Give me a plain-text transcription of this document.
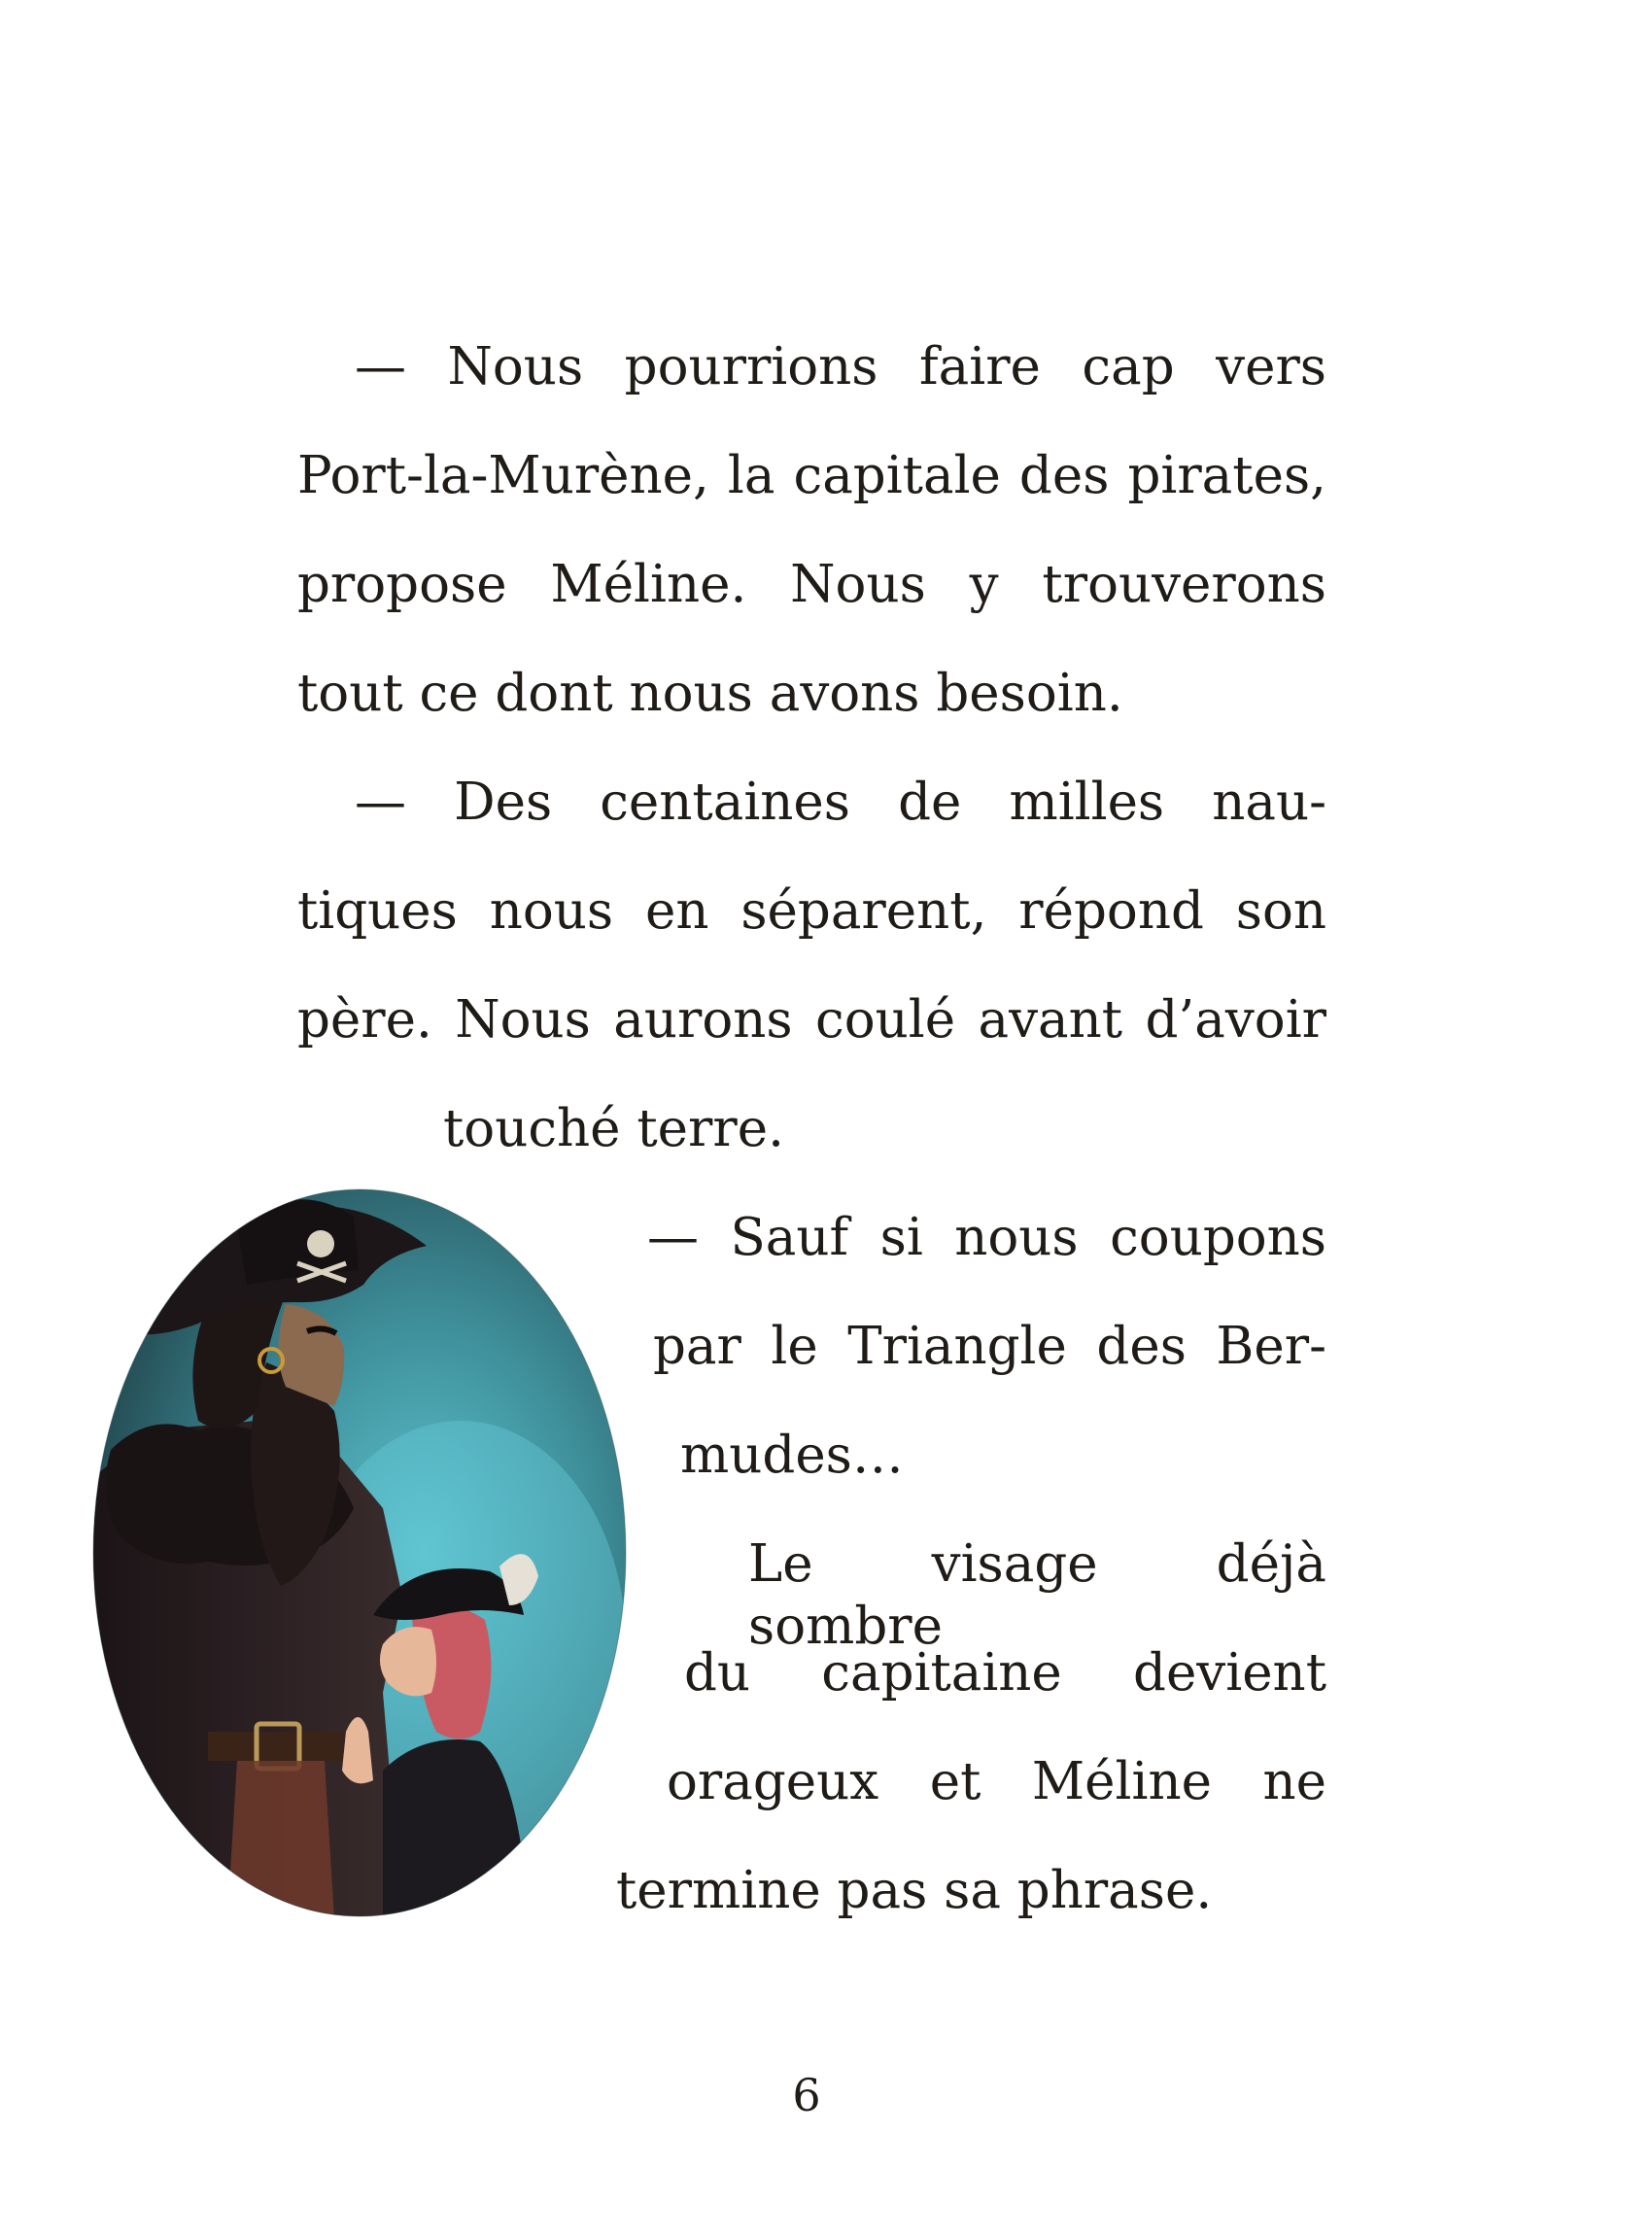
— Nous pourrions faire cap vers
Port-la-Murène, la capitale des pirates,
propose Méline. Nous y trouverons
tout ce dont nous avons besoin.
— Des centaines de milles nau-
tiques nous en séparent, répond son
père. Nous aurons coulé avant d’avoir
touché terre.
— Sauf si nous coupons
par le Triangle des Ber-
mudes…
Le visage déjà sombre
du capitaine devient
orageux et Méline ne
termine pas sa phrase.
6
